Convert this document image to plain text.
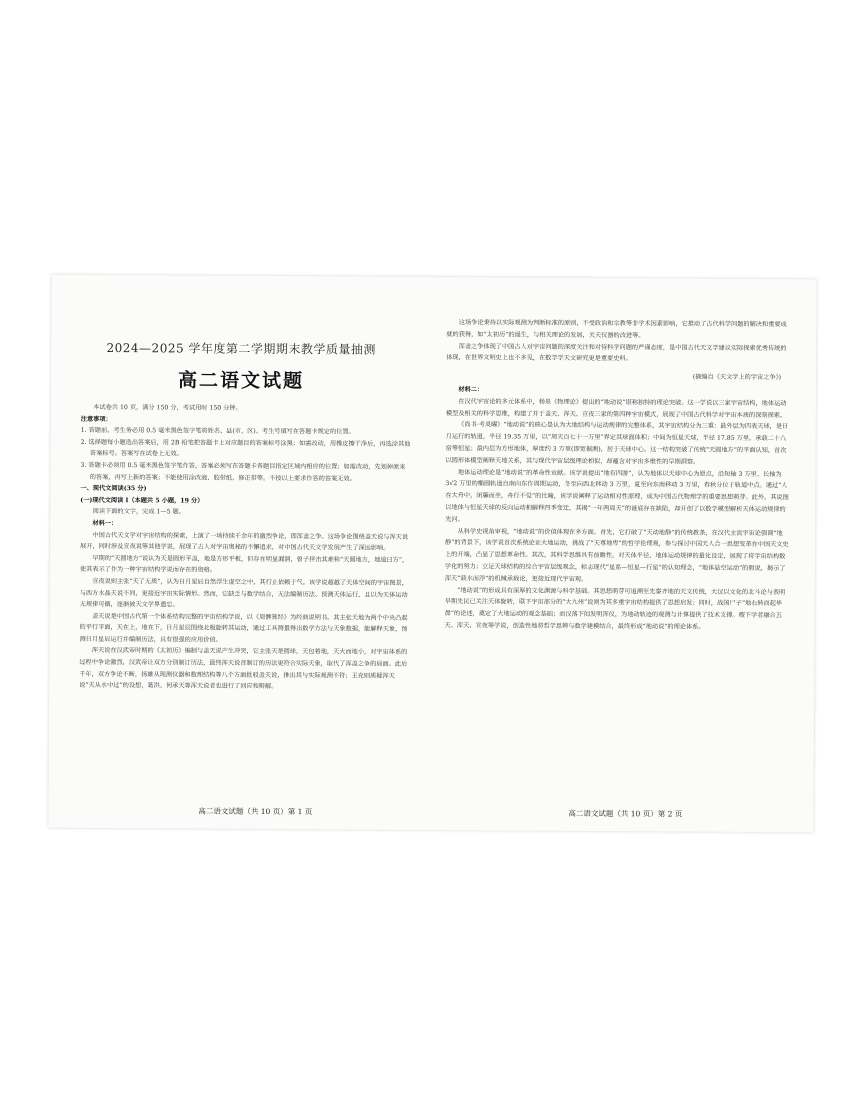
2024—2025 学年度第二学期期末教学质量抽测
高二语文试题

本试卷共 10 页，满分 150 分，考试用时 150 分钟。

注意事项：

1. 答题前，考生务必用 0.5 毫米黑色签字笔将姓名、县(市、区)、考生号填写在答题卡规定的位置。

2. 选择题每小题选出答案后，用 2B 铅笔把答题卡上对应题目的答案标号涂黑；如需改动，用橡皮擦干净后，再选涂其他答案标号。答案写在试卷上无效。

3. 答题卡必须用 0.5 毫米黑色签字笔作答，答案必须写在答题卡各题目指定区域内相应的位置；如需改动，先划掉原来的答案，再写上新的答案；不能使用涂改液、胶带纸、修正带等。不按以上要求作答的答案无效。

一、现代文阅读(35 分)

(一)现代文阅读 I（本题共 5 小题，19 分）

阅读下面的文字，完成 1—5 题。

材料一：

中国古代天文学对宇宙结构的探索，上演了一场持续千余年的激烈争论，即浑盖之争。这场争论围绕盖天说与浑天说展开，同时涉及宣夜说等其他学说，展现了古人对宇宙奥秘的不懈追求，对中国古代天文学发展产生了深远影响。

早期的“天圆地方”说认为天是圆形平盖，地是方形平板，但存在明显漏洞，曾子抨击其难称“天圆地方，地道曰方”，使其表示了作为一种宇宙结构学说而存在的资格。

宣夜说则主张“天了无质”，认为日月星辰自然浮生虚空之中，其行止依赖于气。该学说超越了天体空间的宇宙图景，与西方水晶天说不同，更接近宇宙实际情形。然而，它缺乏与数学结合，无法编制历法、预测天体运行，且以为天体运动无规律可循，逐渐被天文学界遗忘。

盖天说是中国古代第一个体系结构完整的宇宙结构学说，以《周髀算经》为经典说明书。其主张天地为两个中央凸起的平行平面，天在上，地在下，日月星辰围绕北极旋转其运动，通过工具测量得出数学方法与天象数据，能解释天象，预测日月星辰运行并编制历法，具有很强的应用价值。

浑天说在汉武帝时期的《太初历》编制与盖天说产生冲突，它主张天是圆球，天包着地，天大而地小，对宇宙体系的过程中争论激烈，汉武帝让双方分别制订历法，最终浑天说首制订的历法更符合实际天象，取代了浑盖之争的局面。此后千年，双方争论不断，扬雄从现测仪器和数理结构等八个方面批驳盖天说，推出其与实际观测不符；王充则质疑浑天说“天从水中过”的设想，葛洪、何承天等浑天说者也进行了回应和辩解。

这场争论秉持以实际观测为判断标准的原则，不受政治和宗教等非学术因素影响，它推动了古代科学问题的解决和重要成就的获得，如“太初历”的诞生，与相关理论的发展，关天仪器的改进等。

浑盖之争体现了中国古人对宇宙问题的深度关注和对待科学问题的严谨态度，是中国古代天文学建议实际探索优秀传统的体现，在世界文明史上也不多见，在数学学天文研究更是重要史料。

(摘编自《天文学上的宇宙之争》)

材料二：

在汉代宇宙论的多元体系中，杨泉《物理论》提出的“地动说”堪称独特的理论突破。这一学说以三家宇宙结构，地体运动模型及相关的科学思维，构建了并于盖天、浑天、宣夜三家的第四种宇宙模式，展现了中国古代科学对宇宙本质的深刻探索。

《尚书·考灵曜》“地动说”的核心是认为大地结构与运动规律的完整体系，其宇宙结构分为三重：最外层为四表天球，是日月运行的轨道，半径 19.35 万里，以“周天百七十一万里”界定其球面体积；中间为恒星天球，半径 17.85 万里，承载二十八宿等恒星；最内层为方形地体，厚度约 3 万里(即宽据测)，居于天球中心。这一结构突破了传统“天圆地方”的平面认知，首次以圆形体模型阐释天地关系，其与现代宇宙层级理论相似，却蕴含对宇宙多维性的早期洞察。

地体运动理论是“地动说”的革命性贡献。该学说提出“地有四游”，认为地体以天球中心为原点，沿短轴 3 万里、长轴为 3√2 万里的椭圆轨道自南向东作周期运动，冬至向西北移动 3 万里，夏至向东南移动 3 万里，春秋分位于轨道中点。通过“人在大舟中，闭牖而坐，舟行不觉”的比喻，该学说阐释了运动相对性原理，成为中国古代物理学的重要思想萌芽。此外，其说图以地体与恒星天球的反向运动相解释四季变迁，其揭“一年两周天”的谜底存在缺陷，却开创了以数学模型解析天体运动规律的先河。

从科学史视角审视，“地动说”的价值体现在多方面。首先，它打破了“天动地静”的传统教条，在汉代主流宇宙论强调“地静”的背景下，该学说首次系统论证大地运动，挑战了“天尊地卑”的哲学伦理观，参与探讨中国天人合一思想变革在中国天文史上的开端，凸显了思想革命性。其次，其科学思维具有前瞻性，对天体半径、地体运动规律的量化设定，展现了将宇宙结构数学化的努力；立足天球结构的综合宇宙层级观念，标志现代“星系—恒星—行星”的认知理念，“地体悬空运动”的假说，揭示了浑天“载水而浮”的机械承载论，更接近现代宇宙观。

“地动说”的形成具有深厚的文化渊源与科学基础。其思想萌芽可追溯至先秦齐地的天文传统，大汉以文化的北斗论与表明早期先民已关注天体旋转，联下宇宙部分的“大九州”说则为其多重宇宙结构提供了思想启发；同时，战国尸子“地右转而起毕昴”的论述，奠定了大地运动的观念基础；而汉落下闳发明浑仪，为地动轨迹的观测与计算提供了技术支撑。稷下学者融合五天、浑天、宣夜等学说，创造性地将哲学思辨与数学建模结合，最终形成“地动说”的理论体系。

高二语文试题（共 10 页）第 1 页	高二语文试题（共 10 页）第 2 页
